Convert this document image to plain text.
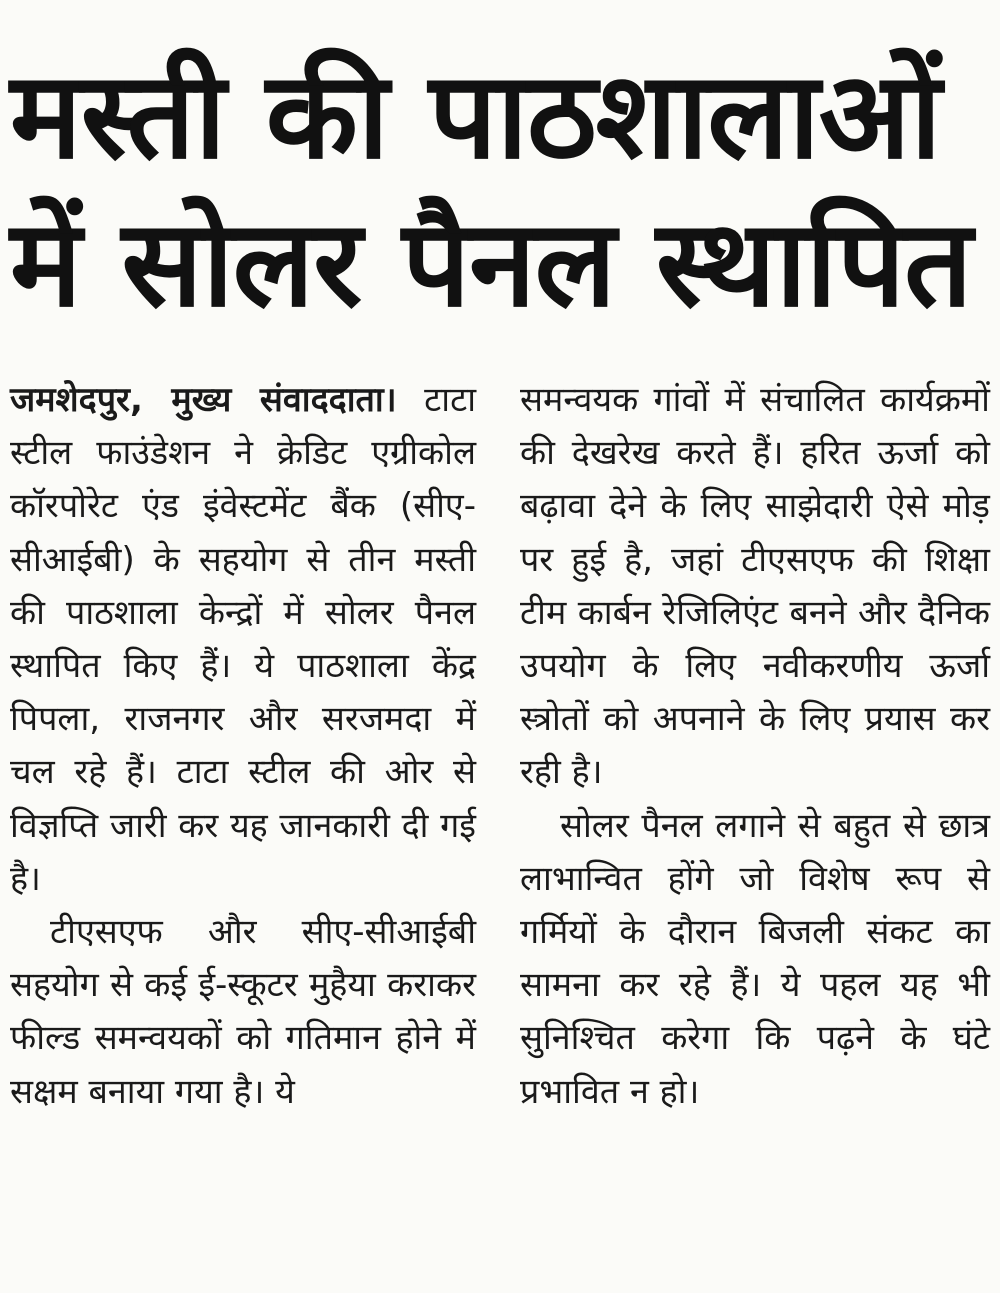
मस्ती की पाठशालाओं
में सोलर पैनल स्थापित

जमशेदपुर, मुख्य संवाददाता। टाटा स्टील फाउंडेशन ने क्रेडिट एग्रीकोल कॉरपोरेट एंड इंवेस्टमेंट बैंक (सीए-सीआईबी) के सहयोग से तीन मस्ती की पाठशाला केन्द्रों में सोलर पैनल स्थापित किए हैं। ये पाठशाला केंद्र पिपला, राजनगर और सरजमदा में चल रहे हैं। टाटा स्टील की ओर से विज्ञप्ति जारी कर यह जानकारी दी गई है।

टीएसएफ और सीए-सीआईबी सहयोग से कई ई-स्कूटर मुहैया कराकर फील्ड समन्वयकों को गतिमान होने में सक्षम बनाया गया है। ये

समन्वयक गांवों में संचालित कार्यक्रमों की देखरेख करते हैं। हरित ऊर्जा को बढ़ावा देने के लिए साझेदारी ऐसे मोड़ पर हुई है, जहां टीएसएफ की शिक्षा टीम कार्बन रेजिलिएंट बनने और दैनिक उपयोग के लिए नवीकरणीय ऊर्जा स्त्रोतों को अपनाने के लिए प्रयास कर रही है।

सोलर पैनल लगाने से बहुत से छात्र लाभान्वित होंगे जो विशेष रूप से गर्मियों के दौरान बिजली संकट का सामना कर रहे हैं। ये पहल यह भी सुनिश्चित करेगा कि पढ़ने के घंटे प्रभावित न हो।
